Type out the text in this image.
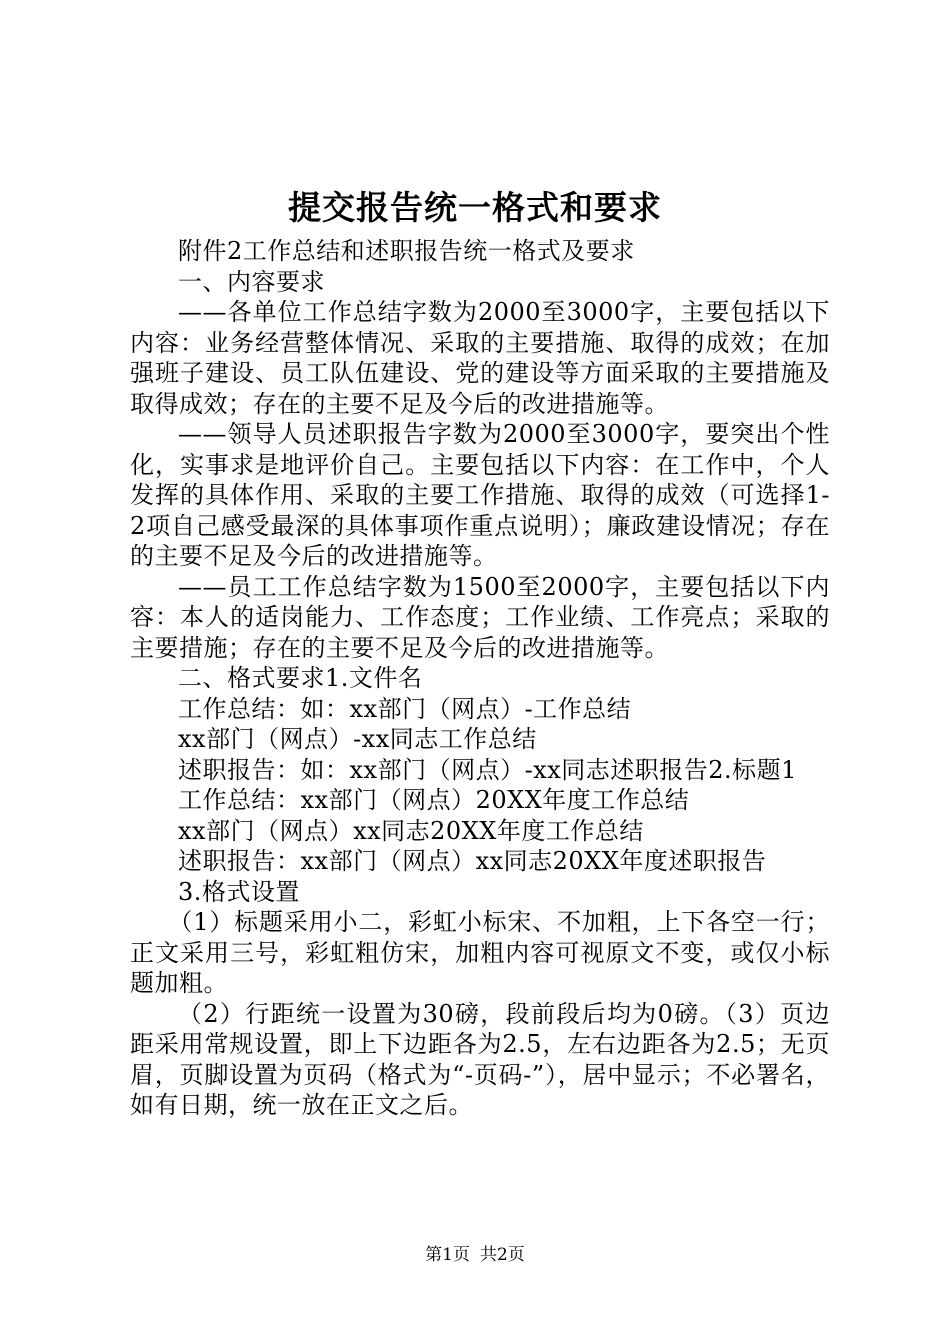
提交报告统一格式和要求

附件2工作总结和述职报告统一格式及要求

一、内容要求

——各单位工作总结字数为2000至3000字，主要包括以下内容：业务经营整体情况、采取的主要措施、取得的成效；在加强班子建设、员工队伍建设、党的建设等方面采取的主要措施及取得成效；存在的主要不足及今后的改进措施等。

——领导人员述职报告字数为2000至3000字，要突出个性化，实事求是地评价自己。主要包括以下内容：在工作中，个人发挥的具体作用、采取的主要工作措施、取得的成效（可选择1-2项自己感受最深的具体事项作重点说明）；廉政建设情况；存在的主要不足及今后的改进措施等。

——员工工作总结字数为1500至2000字，主要包括以下内容：本人的适岗能力、工作态度；工作业绩、工作亮点；采取的主要措施；存在的主要不足及今后的改进措施等。

二、格式要求1.文件名

工作总结：如：xx部门（网点）-工作总结

xx部门（网点）-xx同志工作总结

述职报告：如：xx部门（网点）-xx同志述职报告2.标题1

工作总结：xx部门（网点）20XX年度工作总结

xx部门（网点）xx同志20XX年度工作总结

述职报告：xx部门（网点）xx同志20XX年度述职报告

3.格式设置

（1）标题采用小二，彩虹小标宋、不加粗，上下各空一行；正文采用三号，彩虹粗仿宋，加粗内容可视原文不变，或仅小标题加粗。

（2）行距统一设置为30磅，段前段后均为0磅。（3）页边距采用常规设置，即上下边距各为2.5，左右边距各为2.5；无页眉，页脚设置为页码（格式为“-页码-”），居中显示；不必署名，如有日期，统一放在正文之后。

第1页 共2页
